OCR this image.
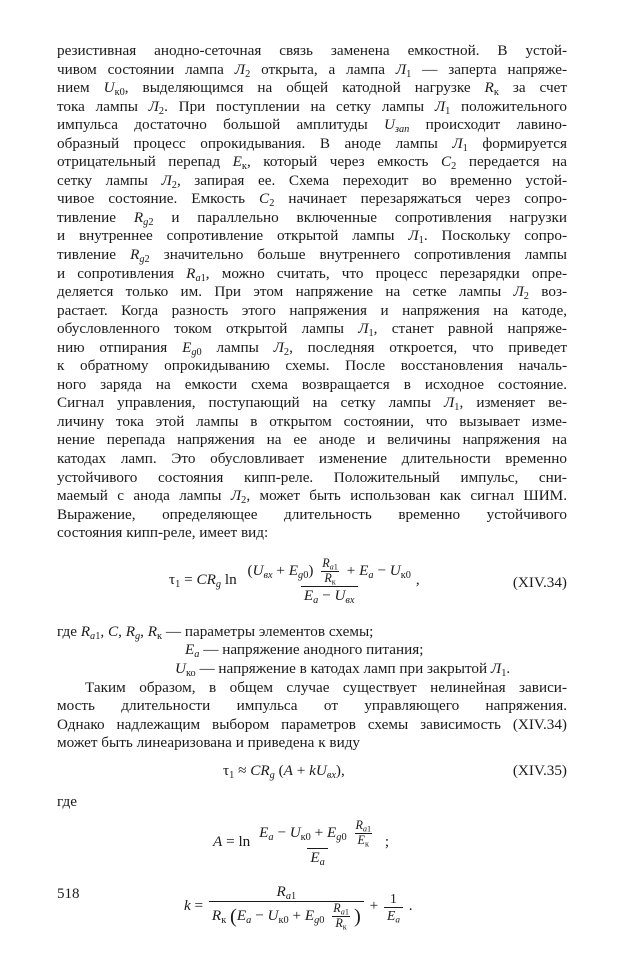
резистивная анодно-сеточная связь заменена емкостной. В устой-
чивом состоянии лампа $Л_2$ открыта, а лампа $Л_1$ — заперта напряже-
нием $U_{к0}$, выделяющимся на общей катодной нагрузке $R_к$ за счет
тока лампы $Л_2$. При поступлении на сетку лампы $Л_1$ положительного
импульса достаточно большой амплитуды $U_{зап}$ происходит лавино-
образный процесс опрокидывания. В аноде лампы $Л_1$ формируется
отрицательный перепад $E_к$, который через емкость $C_2$ передается на
сетку лампы $Л_2$, запирая ее. Схема переходит во временно устой-
чивое состояние. Емкость $C_2$ начинает перезаряжаться через сопро-
тивление $R_{g2}$ и параллельно включенные сопротивления нагрузки
и внутреннее сопротивление открытой лампы $Л_1$. Поскольку сопро-
тивление $R_{g2}$ значительно больше внутреннего сопротивления лампы
и сопротивления $R_{a1}$, можно считать, что процесс перезарядки опре-
деляется только им. При этом напряжение на сетке лампы $Л_2$ воз-
растает. Когда разность этого напряжения и напряжения на катоде,
обусловленного током открытой лампы $Л_1$, станет равной напряже-
нию отпирания $E_{g0}$ лампы $Л_2$, последняя откроется, что приведет
к обратному опрокидыванию схемы. После восстановления началь-
ного заряда на емкости схема возвращается в исходное состояние.
Сигнал управления, поступающий на сетку лампы $Л_1$, изменяет ве-
личину тока этой лампы в открытом состоянии, что вызывает изме-
нение перепада напряжения на ее аноде и величины напряжения на
катодах ламп. Это обусловливает изменение длительности временно
устойчивого состояния кипп-реле. Положительный импульс, сни-
маемый с анода лампы $Л_2$, может быть использован как сигнал ШИМ.
Выражение, определяющее длительность временно устойчивого
состояния кипп-реле, имеет вид:

$\tau_1 = CR_g$ $\ln \frac{(U_{вх} + E_{g0}) \frac{R_{a1}}{R_к} + E_a - U_{к0}}{E_a - U_{вх}}$ ,	(XIV.34)
где $R_{a1}$, C, $R_g$, $R_к$ — параметры элементов схемы;
$E_a$ — напряжение анодного питания;
$U_{ко}$ — напряжение в катодах ламп при закрытой $Л_1$.

Таким образом, в общем случае существует нелинейная зависи-
мость длительности импульса от управляющего напряжения.
Однако надлежащим выбором параметров схемы зависимость (XIV.34)
может быть линеаризована и приведена к виду

$\tau_1 \approx CR_g$ $(A + kU_{вх})$,	(XIV.35)
где
$A = \ln \frac{E_a - U_{к0} + E_{g0} \frac{R_{a1}}{E_к}}{E_a}$ ;
$k = \frac{R_{a1}}{R_к (E_a - U_{к0} + E_{g0} \frac{R_{a1}}{R_к} )} + \frac{1}{E_a}$ .
518
